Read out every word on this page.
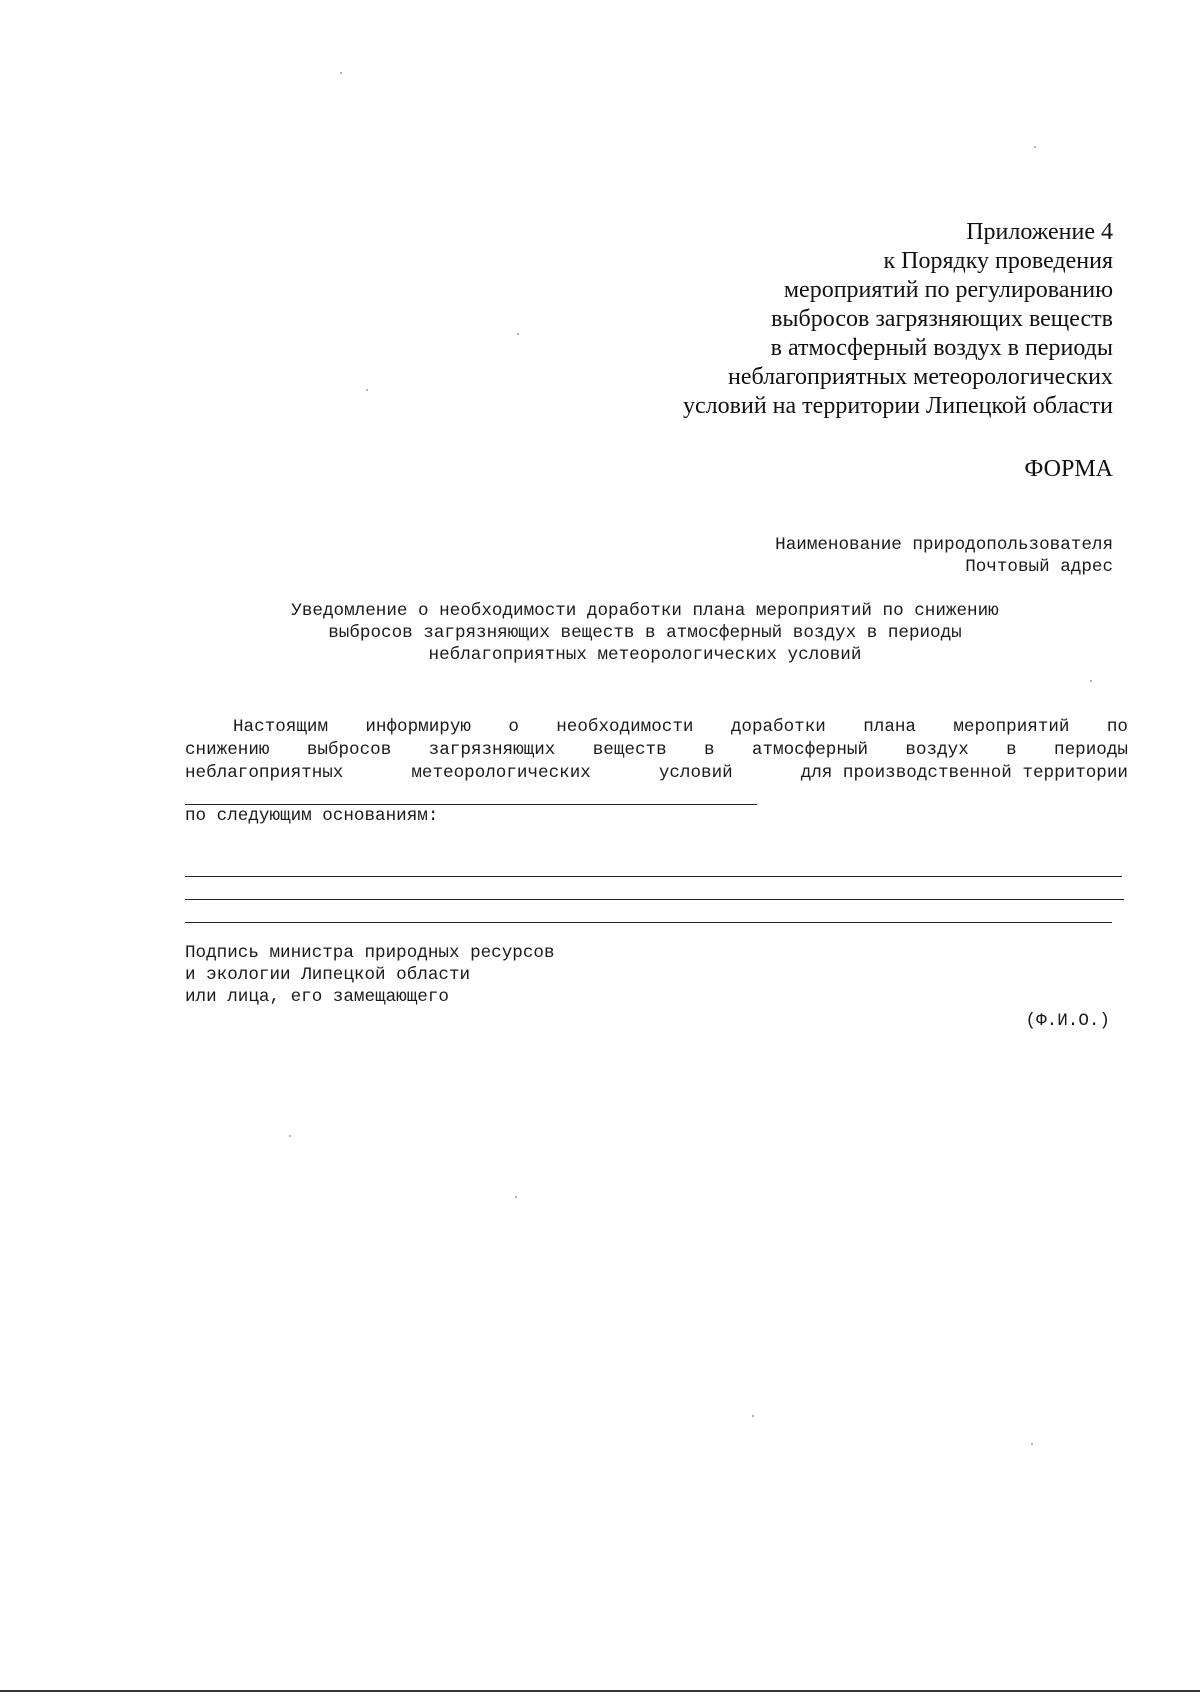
Приложение 4
к Порядку проведения
мероприятий по регулированию
выбросов загрязняющих веществ
в атмосферный воздух в периоды
неблагоприятных метеорологических
условий на территории Липецкой области
ФОРМА
Наименование природопользователя
Почтовый адрес
Уведомление о необходимости доработки плана мероприятий по снижению
выбросов загрязняющих веществ в атмосферный воздух в периоды
неблагоприятных метеорологических условий
Настоящим информирую о необходимости доработки плана мероприятий по
снижению выбросов загрязняющих веществ в атмосферный воздух в периоды
неблагоприятных	метеорологических	условий	для производственной территории
по следующим основаниям:
Подпись министра природных ресурсов
и экологии Липецкой области
или лица, его замещающего
(Ф.И.О.)
